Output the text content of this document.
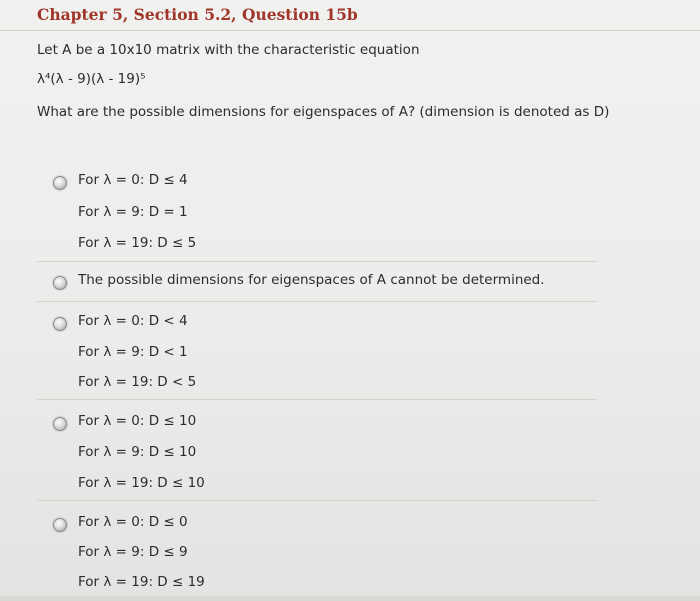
Chapter 5, Section 5.2, Question 15b
Let A be a 10x10 matrix with the characteristic equation
λ⁴(λ - 9)(λ - 19)⁵
What are the possible dimensions for eigenspaces of A? (dimension is denoted as D)
For λ = 0: D ≤ 4
For λ = 9: D = 1
For λ = 19: D ≤ 5
The possible dimensions for eigenspaces of A cannot be determined.
For λ = 0: D < 4
For λ = 9: D < 1
For λ = 19: D < 5
For λ = 0: D ≤ 10
For λ = 9: D ≤ 10
For λ = 19: D ≤ 10
For λ = 0: D ≤ 0
For λ = 9: D ≤ 9
For λ = 19: D ≤ 19
